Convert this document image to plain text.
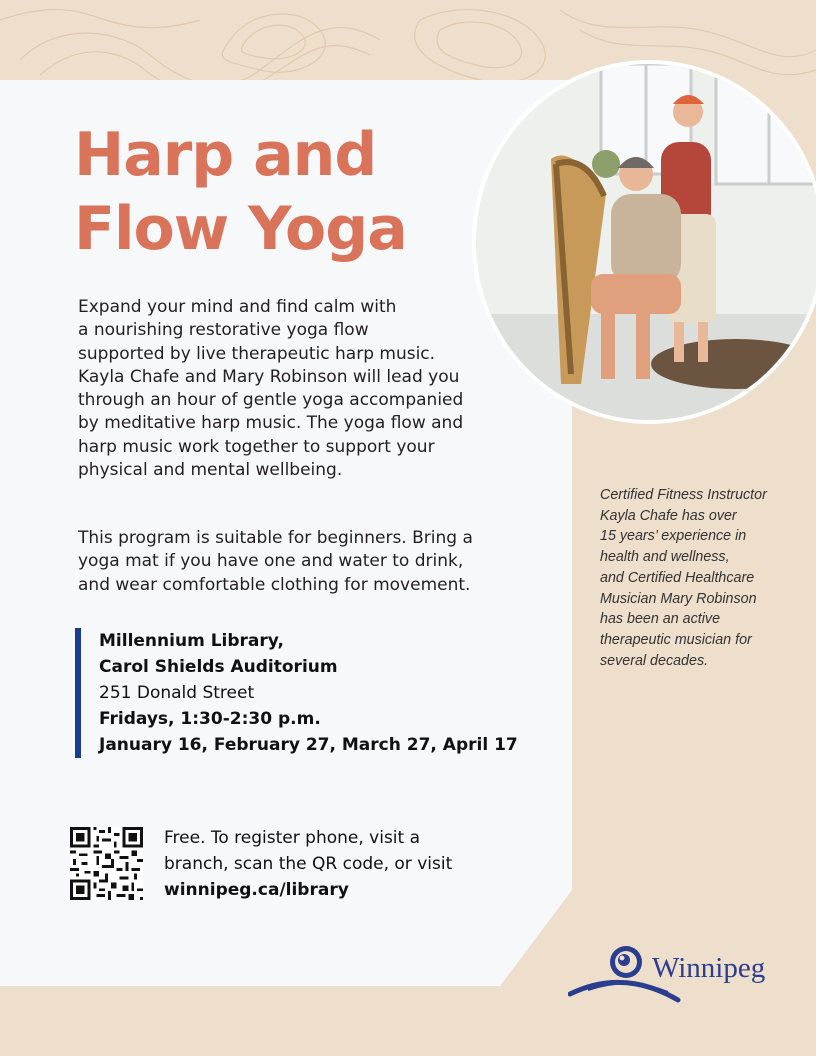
Harp and
Flow Yoga

Expand your mind and find calm with
a nourishing restorative yoga flow
supported by live therapeutic harp music.
Kayla Chafe and Mary Robinson will lead you
through an hour of gentle yoga accompanied
by meditative harp music. The yoga flow and
harp music work together to support your
physical and mental wellbeing.

This program is suitable for beginners. Bring a
yoga mat if you have one and water to drink,
and wear comfortable clothing for movement.

Millennium Library,
Carol Shields Auditorium
251 Donald Street
Fridays, 1:30-2:30 p.m.
January 16, February 27, March 27, April 17
Free. To register phone, visit a
branch, scan the QR code, or visit
winnipeg.ca/library
Certified Fitness Instructor
Kayla Chafe has over
15 years’ experience in
health and wellness,
and Certified Healthcare
Musician Mary Robinson
has been an active
therapeutic musician for
several decades.
Winnipeg
